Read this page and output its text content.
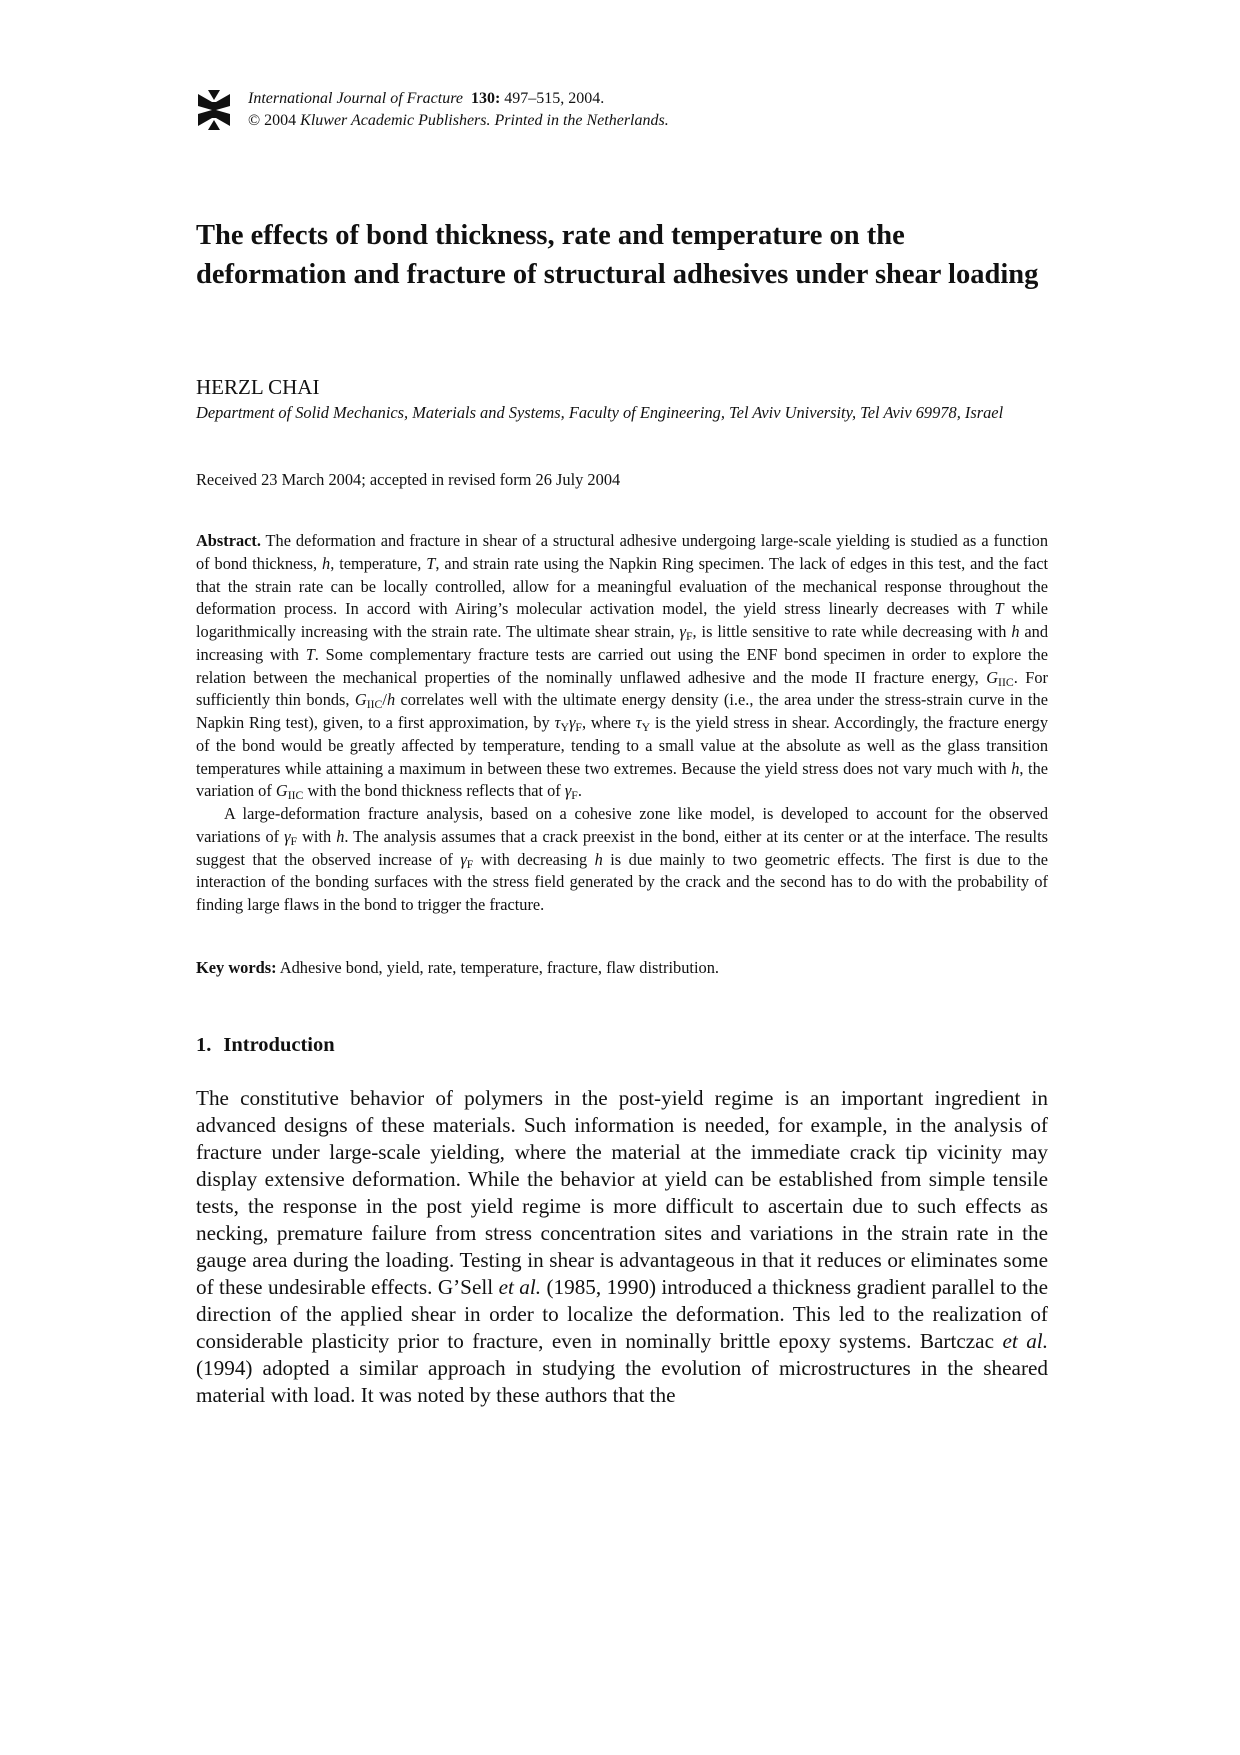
International Journal of Fracture 130: 497–515, 2004.
© 2004 Kluwer Academic Publishers. Printed in the Netherlands.
The effects of bond thickness, rate and temperature on the deformation and fracture of structural adhesives under shear loading
HERZL CHAI
Department of Solid Mechanics, Materials and Systems, Faculty of Engineering, Tel Aviv University, Tel Aviv 69978, Israel
Received 23 March 2004; accepted in revised form 26 July 2004

Abstract. The deformation and fracture in shear of a structural adhesive undergoing large-scale yielding is studied as a function of bond thickness, h, temperature, T, and strain rate using the Napkin Ring specimen. The lack of edges in this test, and the fact that the strain rate can be locally controlled, allow for a meaningful evaluation of the mechanical response throughout the deformation process. In accord with Airing’s molecular activation model, the yield stress linearly decreases with T while logarithmically increasing with the strain rate. The ultimate shear strain, $\gamma_F$, is little sensitive to rate while decreasing with h and increasing with T. Some complementary fracture tests are carried out using the ENF bond specimen in order to explore the relation between the mechanical properties of the nominally unflawed adhesive and the mode II fracture energy, $G_{IIC}$. For sufficiently thin bonds, $G_{IIC}/h$ correlates well with the ultimate energy density (i.e., the area under the stress-strain curve in the Napkin Ring test), given, to a first approximation, by $\tau_Y\gamma_F$, where $\tau_Y$ is the yield stress in shear. Accordingly, the fracture energy of the bond would be greatly affected by temperature, tending to a small value at the absolute as well as the glass transition temperatures while attaining a maximum in between these two extremes. Because the yield stress does not vary much with h, the variation of $G_{IIC}$ with the bond thickness reflects that of $\gamma_F$.

A large-deformation fracture analysis, based on a cohesive zone like model, is developed to account for the observed variations of $\gamma_F$ with h. The analysis assumes that a crack preexist in the bond, either at its center or at the interface. The results suggest that the observed increase of $\gamma_F$ with decreasing h is due mainly to two geometric effects. The first is due to the interaction of the bonding surfaces with the stress field generated by the crack and the second has to do with the probability of finding large flaws in the bond to trigger the fracture.

Key words: Adhesive bond, yield, rate, temperature, fracture, flaw distribution.
1. Introduction

The constitutive behavior of polymers in the post-yield regime is an important ingredient in advanced designs of these materials. Such information is needed, for example, in the analysis of fracture under large-scale yielding, where the material at the immediate crack tip vicinity may display extensive deformation. While the behavior at yield can be established from simple tensile tests, the response in the post yield regime is more difficult to ascertain due to such effects as necking, premature failure from stress concentration sites and variations in the strain rate in the gauge area during the loading. Testing in shear is advantageous in that it reduces or eliminates some of these undesirable effects. G’Sell et al. (1985, 1990) introduced a thickness gradient parallel to the direction of the applied shear in order to localize the deformation. This led to the realization of considerable plasticity prior to fracture, even in nominally brittle epoxy systems. Bartczac et al. (1994) adopted a similar approach in studying the evolution of microstructures in the sheared material with load. It was noted by these authors that the
